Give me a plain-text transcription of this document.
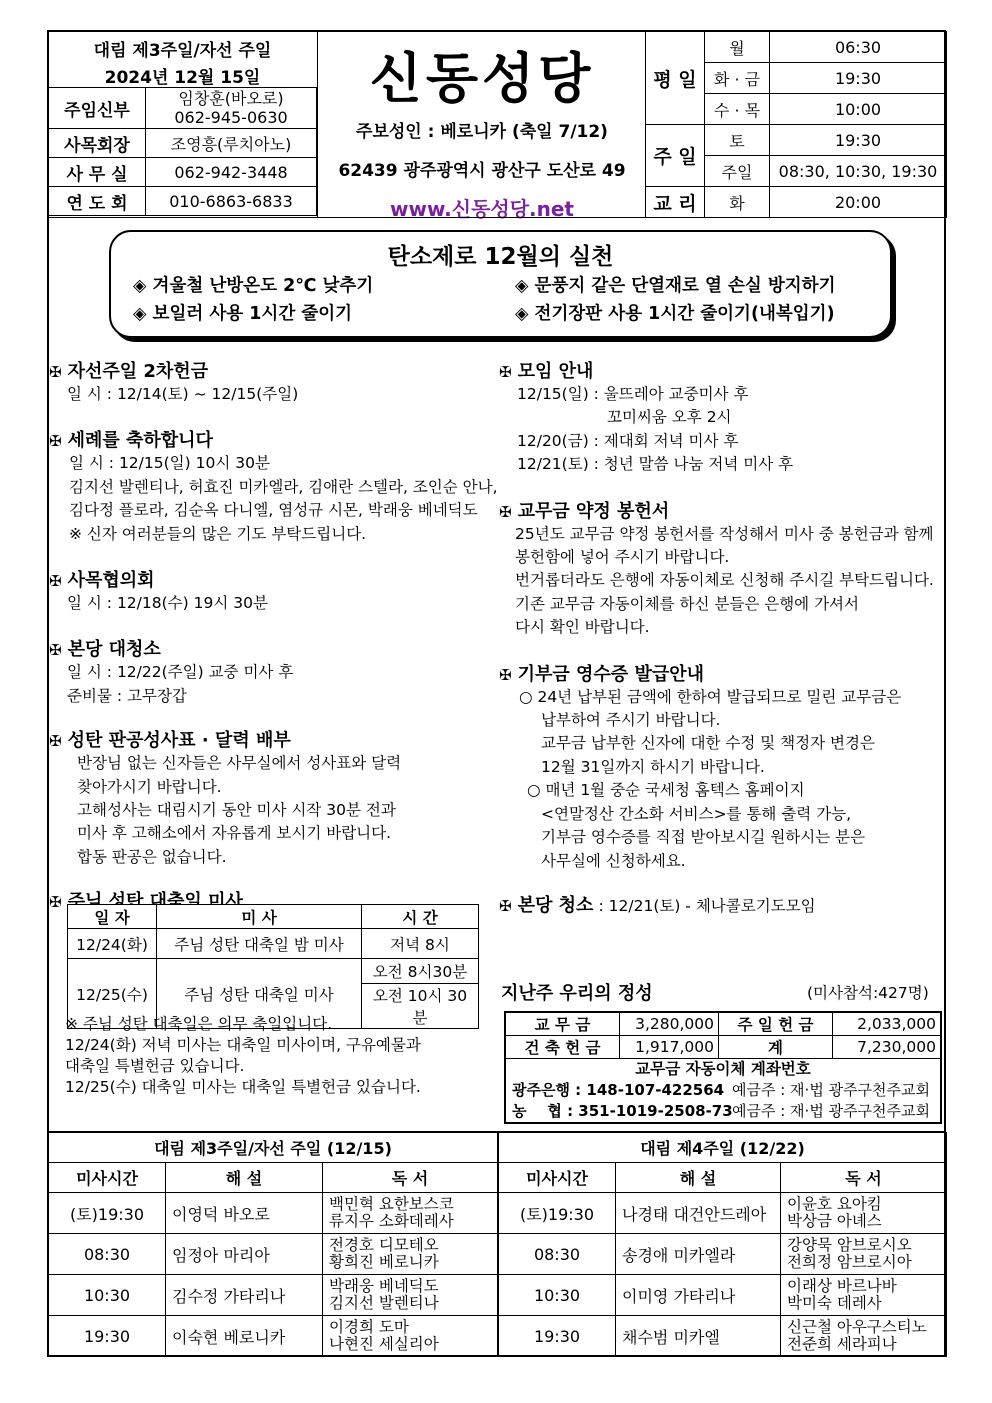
대림 제3주일/자선 주일
2024년 12월 15일
주임신부	임창훈(바오로)
062-945-0630

사목회장	조영흥(루치아노)
사 무 실	062-942-3448
연 도 회	010-6863-6833
신동성당
주보성인 : 베로니카 (축일 7/12)
62439 광주광역시 광산구 도산로 49
www.신동성당.net
평 일	월	06:30
	화 · 금	19:30
	수 · 목	10:00
주 일	토	19:30
	주일	08:30, 10:30, 19:30
교 리	화	20:00
탄소제로 12월의 실천
◈ 겨울철 난방온도 2℃ 낮추기	◈ 문풍지 같은 단열재로 열 손실 방지하기
◈ 보일러 사용 1시간 줄이기	◈ 전기장판 사용 1시간 줄이기(내복입기)
✠ 자선주일 2차헌금
일 시 : 12/14(토) ~ 12/15(주일)
✠ 세례를 축하합니다
일 시 : 12/15(일) 10시 30분
김지선 발렌티나, 허효진 미카엘라, 김애란 스텔라, 조인순 안나,
김다정 플로라, 김순옥 다니엘, 염성규 시몬, 박래웅 베네딕도
※ 신자 여러분들의 많은 기도 부탁드립니다.
✠ 사목협의회
일 시 : 12/18(수) 19시 30분
✠ 본당 대청소
일 시 : 12/22(주일) 교중 미사 후
준비물 : 고무장갑
✠ 성탄 판공성사표 · 달력 배부
반장님 없는 신자들은 사무실에서 성사표와 달력
찾아가시기 바랍니다.
고해성사는 대림시기 동안 미사 시작 30분 전과
미사 후 고해소에서 자유롭게 보시기 바랍니다.
합동 판공은 없습니다.
✠ 주님 성탄 대축일 미사
일 자	미 사	시 간
12/24(화)	주님 성탄 대축일 밤 미사	저녁 8시
12/25(수)	주님 성탄 대축일 미사	오전 8시30분
		오전 10시 30분
※ 주님 성탄 대축일은 의무 축일입니다.
12/24(화) 저녁 미사는 대축일 미사이며, 구유예물과
대축일 특별헌금 있습니다.
12/25(수) 대축일 미사는 대축일 특별헌금 있습니다.
✠ 모임 안내
12/15(일) : 울뜨레아 교중미사 후
꼬미씨움 오후 2시
12/20(금) : 제대회 저녁 미사 후
12/21(토) : 청년 말씀 나눔 저녁 미사 후
✠ 교무금 약정 봉헌서
25년도 교무금 약정 봉헌서를 작성해서 미사 중 봉헌금과 함께
봉헌함에 넣어 주시기 바랍니다.
번거롭더라도 은행에 자동이체로 신청해 주시길 부탁드립니다.
기존 교무금 자동이체를 하신 분들은 은행에 가셔서
다시 확인 바랍니다.
✠ 기부금 영수증 발급안내
○ 24년 납부된 금액에 한하여 발급되므로 밀린 교무금은
납부하여 주시기 바랍니다.
교무금 납부한 신자에 대한 수정 및 책정자 변경은
12월 31일까지 하시기 바랍니다.
○ 매년 1월 중순 국세청 홈텍스 홈페이지
<연말정산 간소화 서비스>를 통해 출력 가능,
기부금 영수증를 직접 받아보시길 원하시는 분은
사무실에 신청하세요.
✠ 본당 청소 : 12/21(토) - 체나콜로기도모임
지난주 우리의 정성	(미사참석:427명)
교 무 금	3,280,000	주 일 헌 금	2,033,000
건 축 헌 금	1,917,000	계	7,230,000
교무금 자동이체 계좌번호
광주은행 : 148-107-422564 예금주 : 재·법 광주구천주교회
농    협 : 351-1019-2508-73 예금주 : 재·법 광주구천주교회
대림 제3주일/자선 주일 (12/15)		
미사시간	해 설	독 서
(토)19:30	이영덕 바오로	백민혁 요한보스코
류지우 소화데레사

08:30	임정아 마리아	전경호 디모테오
황희진 베로니카

10:30	김수정 가타리나	박래웅 베네딕도
김지선 발렌티나

19:30	이숙현 베로니카	이경희 도마
나현진 세실리아
대림 제4주일 (12/22)		
미사시간	해 설	독 서
(토)19:30	나경태 대건안드레아	이윤호 요아킴
박상금 아녜스

08:30	송경애 미카엘라	강양묵 암브로시오
전희정 암브로시아

10:30	이미영 가타리나	이래상 바르나바
박미숙 데레사

19:30	채수범 미카엘	신근철 아우구스티노
전준희 세라피나
